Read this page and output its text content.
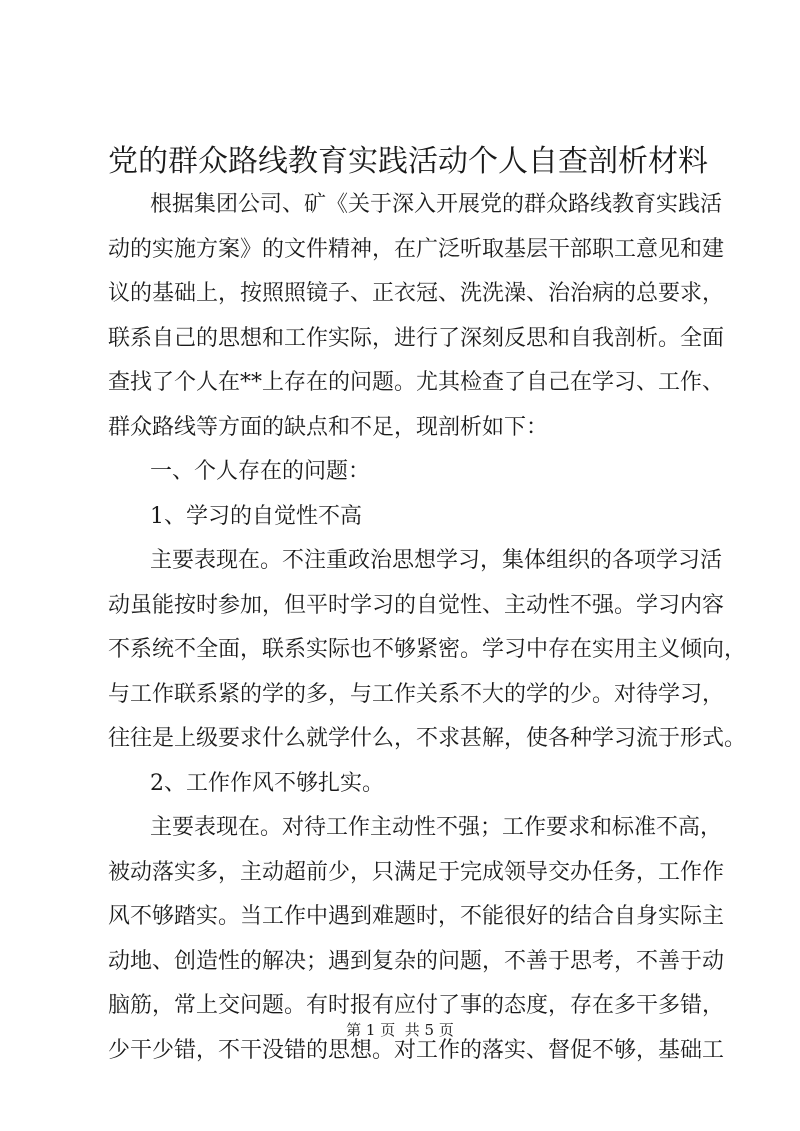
党的群众路线教育实践活动个人自查剖析材料
根据集团公司、矿《关于深入开展党的群众路线教育实践活
动的实施方案》的文件精神，在广泛听取基层干部职工意见和建
议的基础上，按照照镜子、正衣冠、洗洗澡、治治病的总要求，
联系自己的思想和工作实际，进行了深刻反思和自我剖析。全面
查找了个人在**上存在的问题。尤其检查了自己在学习、工作、
群众路线等方面的缺点和不足，现剖析如下：
一、个人存在的问题：
1、学习的自觉性不高
主要表现在。不注重政治思想学习，集体组织的各项学习活
动虽能按时参加，但平时学习的自觉性、主动性不强。学习内容
不系统不全面，联系实际也不够紧密。学习中存在实用主义倾向，
与工作联系紧的学的多，与工作关系不大的学的少。对待学习，
往往是上级要求什么就学什么，不求甚解，使各种学习流于形式。
2、工作作风不够扎实。
主要表现在。对待工作主动性不强；工作要求和标准不高，
被动落实多，主动超前少，只满足于完成领导交办任务，工作作
风不够踏实。当工作中遇到难题时，不能很好的结合自身实际主
动地、创造性的解决；遇到复杂的问题，不善于思考，不善于动
脑筋，常上交问题。有时报有应付了事的态度，存在多干多错，
少干少错，不干没错的思想。对工作的落实、督促不够，基础工
第 1 页  共 5 页
